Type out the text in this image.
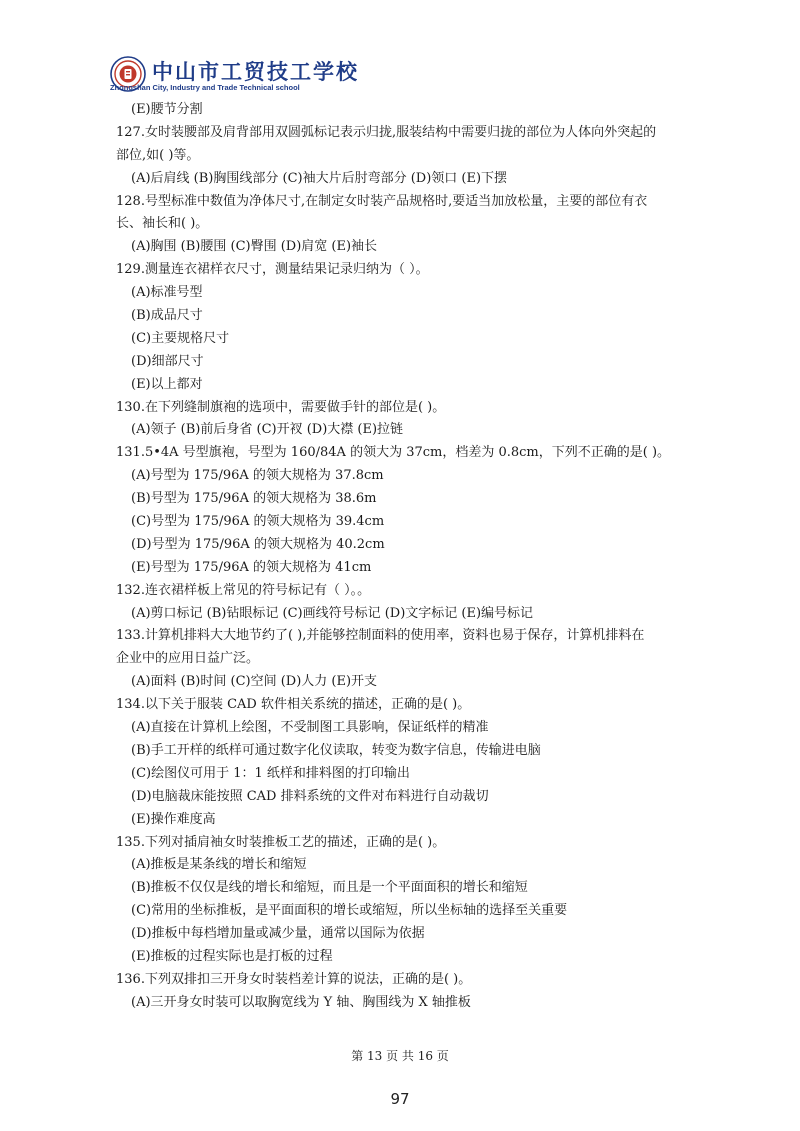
中山市工贸技工学校
Zhongshan City, Industry and Trade Technical school
(E)腰节分割
127.女时装腰部及肩背部用双圆弧标记表示归拢,服装结构中需要归拢的部位为人体向外突起的
部位,如( )等。
(A)后肩线 (B)胸围线部分 (C)袖大片后肘弯部分 (D)领口 (E)下摆
128.号型标准中数值为净体尺寸,在制定女时装产品规格时,要适当加放松量，主要的部位有衣
长、袖长和( )。
(A)胸围 (B)腰围 (C)臀围 (D)肩宽 (E)袖长
129.测量连衣裙样衣尺寸，测量结果记录归纳为（ ）。
(A)标准号型
(B)成品尺寸
(C)主要规格尺寸
(D)细部尺寸
(E)以上都对
130.在下列缝制旗袍的选项中，需要做手针的部位是( )。
(A)领子 (B)前后身省 (C)开衩 (D)大襟 (E)拉链
131.5•4A 号型旗袍，号型为 160/84A 的领大为 37cm，档差为 0.8cm，下列不正确的是( )。
(A)号型为 175/96A 的领大规格为 37.8cm
(B)号型为 175/96A 的领大规格为 38.6m
(C)号型为 175/96A 的领大规格为 39.4cm
(D)号型为 175/96A 的领大规格为 40.2cm
(E)号型为 175/96A 的领大规格为 41cm
132.连衣裙样板上常见的符号标记有（ ）。。
(A)剪口标记 (B)钻眼标记 (C)画线符号标记 (D)文字标记 (E)编号标记
133.计算机排料大大地节约了( ),并能够控制面料的使用率，资料也易于保存，计算机排料在
企业中的应用日益广泛。
(A)面料 (B)时间 (C)空间 (D)人力 (E)开支
134.以下关于服装 CAD 软件相关系统的描述，正确的是( )。
(A)直接在计算机上绘图，不受制图工具影响，保证纸样的精准
(B)手工开样的纸样可通过数字化仪读取，转变为数字信息，传输进电脑
(C)绘图仪可用于 1：1 纸样和排料图的打印输出
(D)电脑裁床能按照 CAD 排料系统的文件对布料进行自动裁切
(E)操作难度高
135.下列对插肩袖女时装推板工艺的描述，正确的是( )。
(A)推板是某条线的增长和缩短
(B)推板不仅仅是线的增长和缩短，而且是一个平面面积的增长和缩短
(C)常用的坐标推板，是平面面积的增长或缩短，所以坐标轴的选择至关重要
(D)推板中每档增加量或减少量，通常以国际为依据
(E)推板的过程实际也是打板的过程
136.下列双排扣三开身女时装档差计算的说法，正确的是( )。
(A)三开身女时装可以取胸宽线为 Y 轴、胸围线为 X 轴推板
第 13 页 共 16 页
97
